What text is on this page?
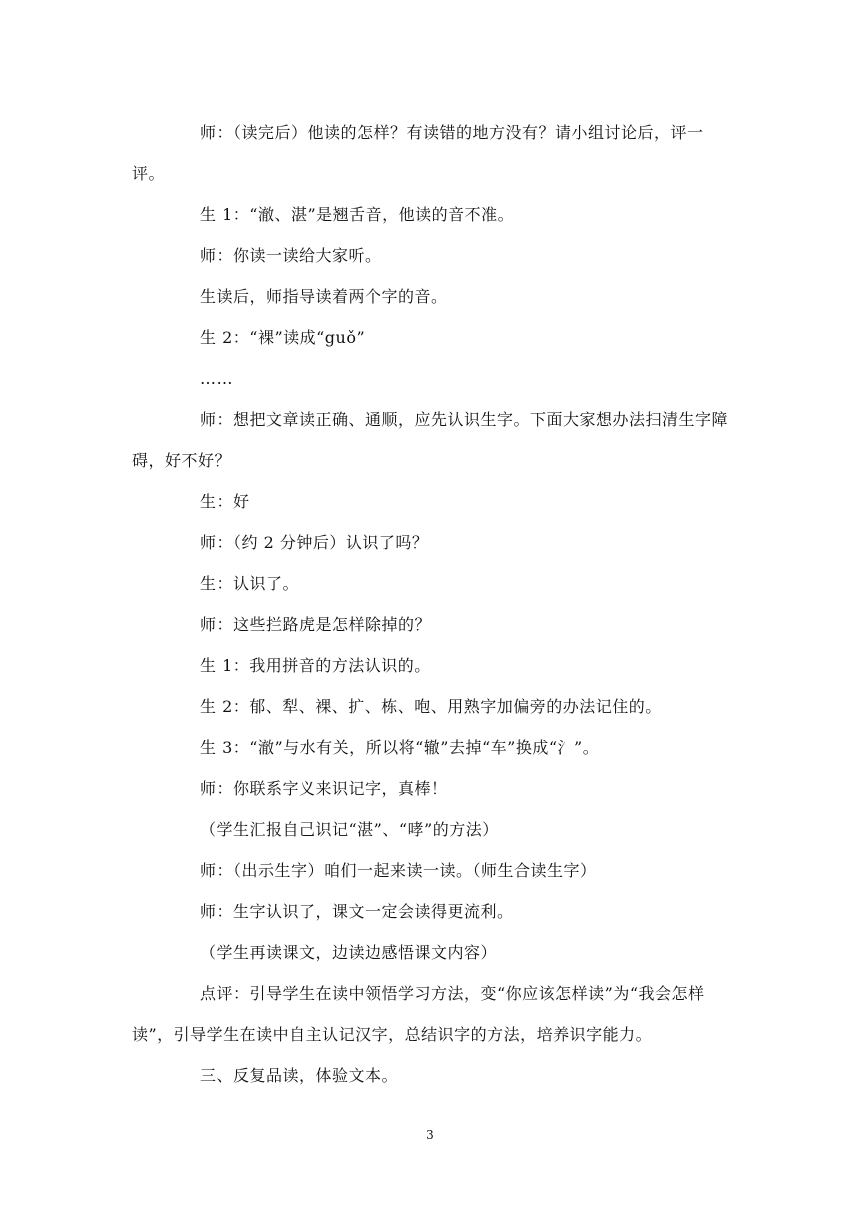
师：（读完后）他读的怎样？有读错的地方没有？请小组讨论后，评一评。

生 1：“澈、湛”是翘舌音，他读的音不准。

师：你读一读给大家听。

生读后，师指导读着两个字的音。

生 2：“裸”读成“guǒ”

……

师：想把文章读正确、通顺，应先认识生字。下面大家想办法扫清生字障碍，好不好？

生：好

师：（约 2 分钟后）认识了吗？

生：认识了。

师：这些拦路虎是怎样除掉的？

生 1：我用拼音的方法认识的。

生 2：郁、犁、裸、扩、栋、咆、用熟字加偏旁的办法记住的。

生 3：“澈”与水有关，所以将“辙”去掉“车”换成“氵”。

师：你联系字义来识记字，真棒！

（学生汇报自己识记“湛”、“哮”的方法）

师：（出示生字）咱们一起来读一读。（师生合读生字）

师：生字认识了，课文一定会读得更流利。

（学生再读课文，边读边感悟课文内容）

点评：引导学生在读中领悟学习方法，变“你应该怎样读”为“我会怎样读”，引导学生在读中自主认记汉字，总结识字的方法，培养识字能力。

三、反复品读，体验文本。

3
